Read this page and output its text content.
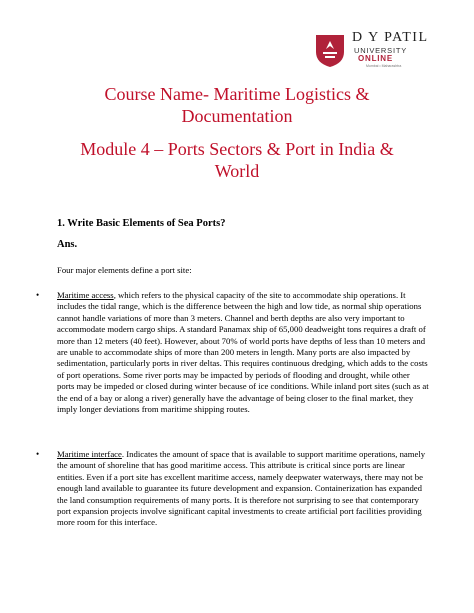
D Y PATIL
UNIVERSITY
ONLINE
Mumbai • Maharashtra
Course Name- Maritime Logistics & Documentation
Module 4 – Ports Sectors & Port in India & World
1. Write Basic Elements of Sea Ports?
Ans.
Four major elements define a port site:
• Maritime access, which refers to the physical capacity of the site to accommodate ship operations. It includes the tidal range, which is the difference between the high and low tide, as normal ship operations cannot handle variations of more than 3 meters. Channel and berth depths are also very important to accommodate modern cargo ships. A standard Panamax ship of 65,000 deadweight tons requires a draft of more than 12 meters (40 feet). However, about 70% of world ports have depths of less than 10 meters and are unable to accommodate ships of more than 200 meters in length. Many ports are also impacted by sedimentation, particularly ports in river deltas. This requires continuous dredging, which adds to the costs of port operations. Some river ports may be impacted by periods of flooding and drought, while other ports may be impeded or closed during winter because of ice conditions. While inland port sites (such as at the end of a bay or along a river) generally have the advantage of being closer to the final market, they imply longer deviations from maritime shipping routes.
• Maritime interface. Indicates the amount of space that is available to support maritime operations, namely the amount of shoreline that has good maritime access. This attribute is critical since ports are linear entities. Even if a port site has excellent maritime access, namely deepwater waterways, there may not be enough land available to guarantee its future development and expansion. Containerization has expanded the land consumption requirements of many ports. It is therefore not surprising to see that contemporary port expansion projects involve significant capital investments to create artificial port facilities providing more room for this interface.
